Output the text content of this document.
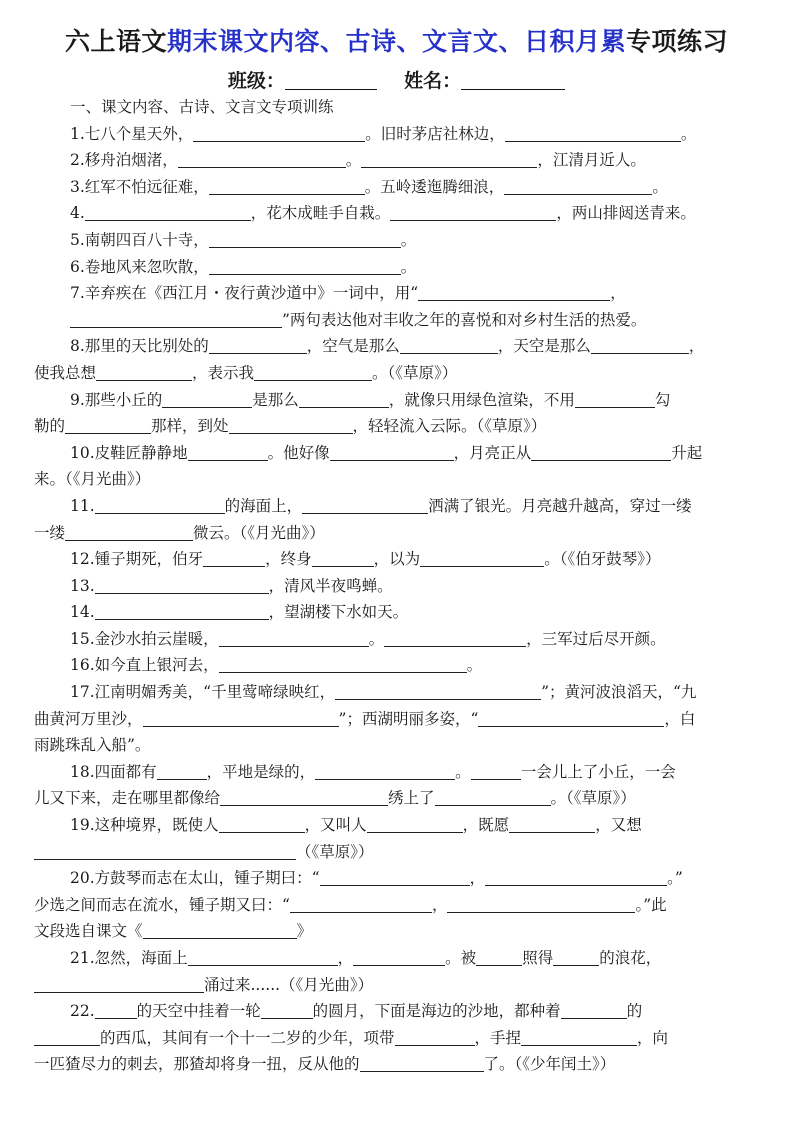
六上语文期末课文内容、古诗、文言文、日积月累专项练习
班级：	姓名：
一、课文内容、古诗、文言文专项训练
1.七八个星天外，	。旧时茅店社林边，	。
2.移舟泊烟渚，	。	，江清月近人。
3.红军不怕远征难，	。五岭逶迤腾细浪，	。
4.	，花木成畦手自栽。	，两山排闼送青来。
5.南朝四百八十寺，	。
6.卷地风来忽吹散，	。
7.辛弃疾在《西江月・夜行黄沙道中》一词中，用“	，
”两句表达他对丰收之年的喜悦和对乡村生活的热爱。
8.那里的天比别处的	，空气是那么	，天空是那么	，
使我总想	，表示我	。（《草原》）
9.那些小丘的	是那么	，就像只用绿色渲染，不用	勾
勒的	那样，到处	，轻轻流入云际。（《草原》）
10.皮鞋匠静静地	。他好像	，月亮正从	升起
来。（《月光曲》）
11.	的海面上，	洒满了银光。月亮越升越高，穿过一缕
一缕	微云。（《月光曲》）
12.锺子期死，伯牙	，终身	，以为	。（《伯牙鼓琴》）
13.	，清风半夜鸣蝉。
14.	，望湖楼下水如天。
15.金沙水拍云崖暖，	。	，三军过后尽开颜。
16.如今直上银河去，	。
17.江南明媚秀美，“千里莺啼绿映红，	”；黄河波浪滔天，“九
曲黄河万里沙，	”；西湖明丽多姿，“	，白
雨跳珠乱入船”。
18.四面都有	，平地是绿的，	。	一会儿上了小丘，一会
儿又下来，走在哪里都像给	绣上了	。（《草原》）
19.这种境界，既使人	，又叫人	，既愿	，又想
（《草原》）
20.方鼓琴而志在太山，锺子期曰：“	，	。”
少选之间而志在流水，锺子期又曰：“	，	。”此
文段选自课文《	》
21.忽然，海面上	，	。被	照得	的浪花，
涌过来......（《月光曲》）
22.	的天空中挂着一轮	的圆月，下面是海边的沙地，都种着	的
的西瓜，其间有一个十一二岁的少年，项带	，手捏	，向
一匹猹尽力的刺去，那猹却将身一扭，反从他的	了。（《少年闰土》）
